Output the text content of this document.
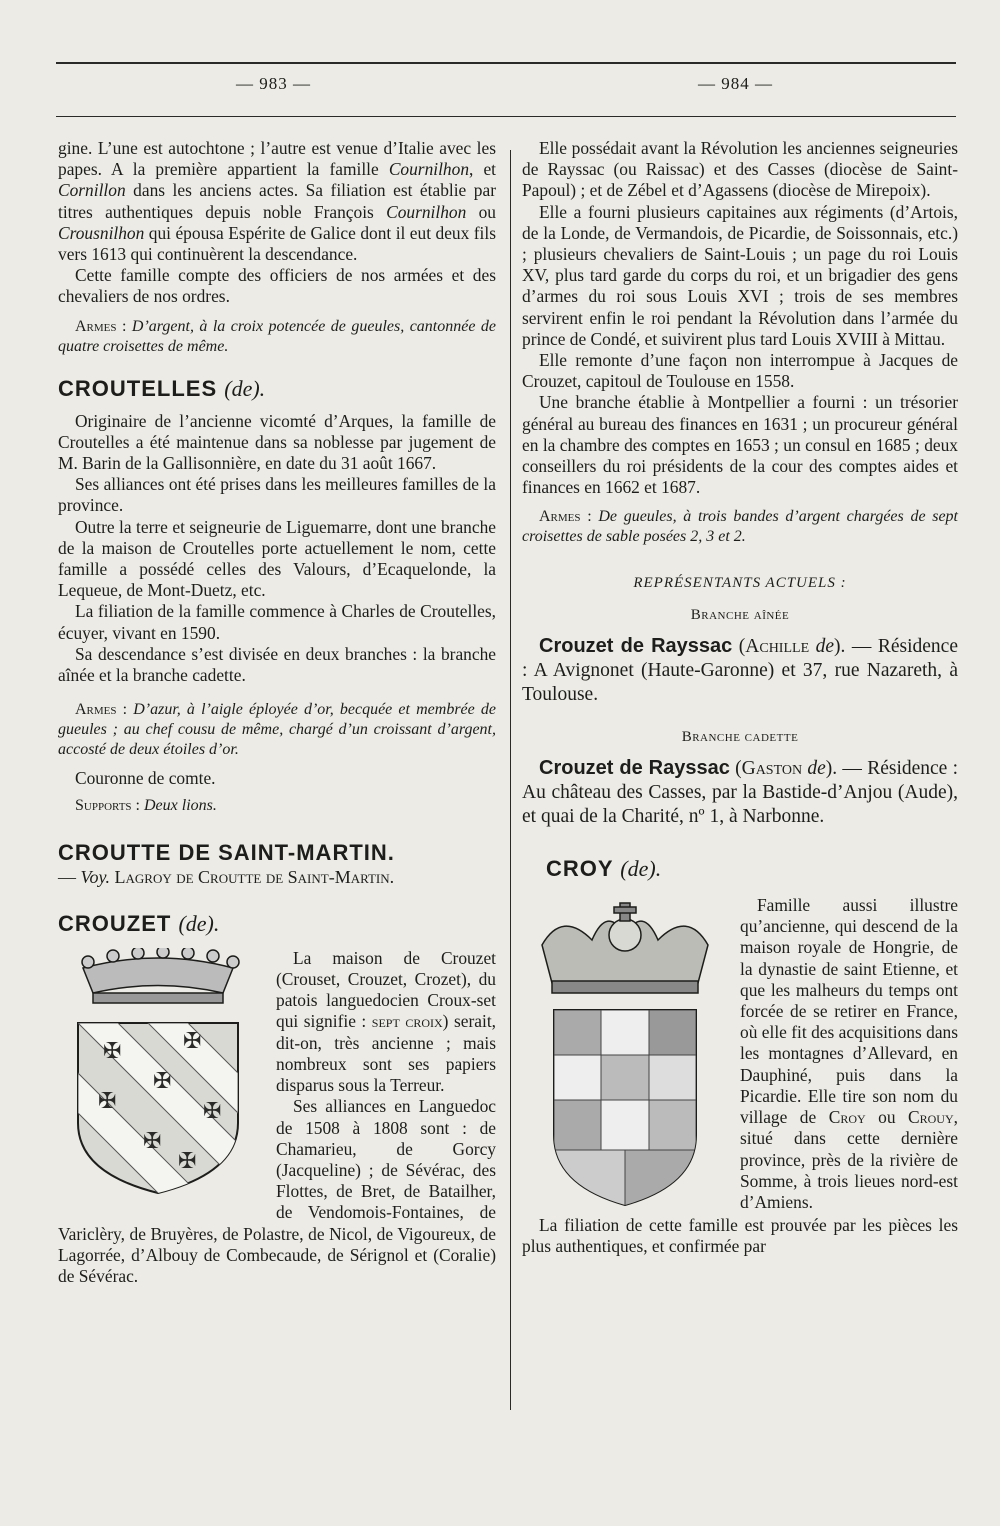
— 983 —	— 984 —

gine. L’une est autochtone ; l’autre est venue d’Italie avec les papes. A la première appartient la famille Cournilhon, et Cornillon dans les anciens actes. Sa filiation est établie par titres authentiques depuis noble François Cournilhon ou Crousnilhon qui épousa Espérite de Galice dont il eut deux fils vers 1613 qui continuèrent la descendance.

Cette famille compte des officiers de nos armées et des chevaliers de nos ordres.

Armes : D’argent, à la croix potencée de gueules, cantonnée de quatre croisettes de même.

CROUTELLES (de).

Originaire de l’ancienne vicomté d’Arques, la famille de Croutelles a été maintenue dans sa noblesse par jugement de M. Barin de la Gallisonnière, en date du 31 août 1667.

Ses alliances ont été prises dans les meilleures familles de la province.

Outre la terre et seigneurie de Liguemarre, dont une branche de la maison de Croutelles porte actuellement le nom, cette famille a possédé celles des Valours, d’Ecaquelonde, la Lequeue, de Mont-Duetz, etc.

La filiation de la famille commence à Charles de Croutelles, écuyer, vivant en 1590.

Sa descendance s’est divisée en deux branches : la branche aînée et la branche cadette.

Armes : D’azur, à l’aigle éployée d’or, becquée et membrée de gueules ; au chef cousu de même, chargé d’un croissant d’argent, accosté de deux étoiles d’or.

Couronne de comte.

Supports : Deux lions.

CROUTTE DE SAINT-MARTIN.

— Voy. Lagroy de Croutte de Saint-Martin.

CROUZET (de).
✠
✠
✠
✠
✠
✠
✠

La maison de Crouzet (Crouset, Crouzet, Crozet), du patois languedocien Croux-set qui signifie : sept croix) serait, dit-on, très ancienne ; mais nombreux sont ses papiers disparus sous la Terreur.

Ses alliances en Languedoc de 1508 à 1808 sont : de Chamarieu, de Gorcy (Jacqueline) ; de Sévérac, des Flottes, de Bret, de Batailher, de Vendomois-Fontaines, de Variclèry, de Bruyères, de Polastre, de Nicol, de Vigoureux, de Lagorrée, d’Albouy de Combecaude, de Sérignol et (Coralie) de Sévérac.

Elle possédait avant la Révolution les anciennes seigneuries de Rayssac (ou Raissac) et des Casses (diocèse de Saint-Papoul) ; et de Zébel et d’Agassens (diocèse de Mirepoix).

Elle a fourni plusieurs capitaines aux régiments (d’Artois, de la Londe, de Vermandois, de Picardie, de Soissonnais, etc.) ; plusieurs chevaliers de Saint-Louis ; un page du roi Louis XV, plus tard garde du corps du roi, et un brigadier des gens d’armes du roi sous Louis XVI ; trois de ses membres servirent enfin le roi pendant la Révolution dans l’armée du prince de Condé, et suivirent plus tard Louis XVIII à Mittau.

Elle remonte d’une façon non interrompue à Jacques de Crouzet, capitoul de Toulouse en 1558.

Une branche établie à Montpellier a fourni : un trésorier général au bureau des finances en 1631 ; un procureur général en la chambre des comptes en 1653 ; un consul en 1685 ; deux conseillers du roi présidents de la cour des comptes aides et finances en 1662 et 1687.

Armes : De gueules, à trois bandes d’argent chargées de sept croisettes de sable posées 2, 3 et 2.

REPRÉSENTANTS ACTUELS :
Branche aînée

Crouzet de Rayssac (Achille de). — Résidence : A Avignonet (Haute-Garonne) et 37, rue Nazareth, à Toulouse.

Branche cadette

Crouzet de Rayssac (Gaston de). — Résidence : Au château des Casses, par la Bastide-d’Anjou (Aude), et quai de la Charité, nº 1, à Narbonne.

CROY (de).

Famille aussi illustre qu’ancienne, qui descend de la maison royale de Hongrie, de la dynastie de saint Etienne, et que les malheurs du temps ont forcée de se retirer en France, où elle fit des acquisitions dans les montagnes d’Allevard, en Dauphiné, puis dans la Picardie. Elle tire son nom du village de Croy ou Crouy, situé dans cette dernière province, près de la rivière de Somme, à trois lieues nord-est d’Amiens.

La filiation de cette famille est prouvée par les pièces les plus authentiques, et confirmée par
